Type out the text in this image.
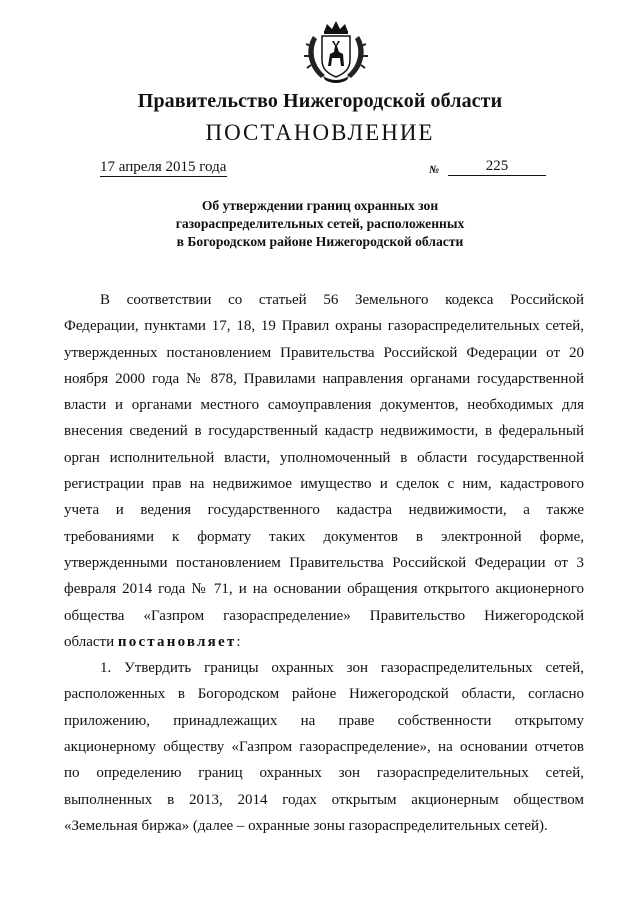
Правительство Нижегородской области
ПОСТАНОВЛЕНИЕ
17 апреля 2015 года	№	225
Об утверждении границ охранных зон
газораспределительных сетей, расположенных
в Богородском районе Нижегородской области
В соответствии со статьей 56 Земельного кодекса Российской
Федерации, пунктами 17, 18, 19 Правил охраны газораспределительных сетей,
утвержденных постановлением Правительства Российской Федерации от 20
ноября 2000 года № 878, Правилами направления органами государственной
власти и органами местного самоуправления документов, необходимых для
внесения сведений в государственный кадастр недвижимости, в федеральный
орган исполнительной власти, уполномоченный в области государственной
регистрации прав на недвижимое имущество и сделок с ним, кадастрового
учета и ведения государственного кадастра недвижимости, а также
требованиями к формату таких документов в электронной форме,
утвержденными постановлением Правительства Российской Федерации от 3
февраля 2014 года № 71, и на основании обращения открытого акционерного
общества «Газпром газораспределение» Правительство Нижегородской
области постановляет:
1. Утвердить границы охранных зон газораспределительных сетей,
расположенных в Богородском районе Нижегородской области, согласно
приложению, принадлежащих на праве собственности открытому
акционерному обществу «Газпром газораспределение», на основании отчетов
по определению границ охранных зон газораспределительных сетей,
выполненных в 2013, 2014 годах открытым акционерным обществом
«Земельная биржа» (далее – охранные зоны газораспределительных сетей).
